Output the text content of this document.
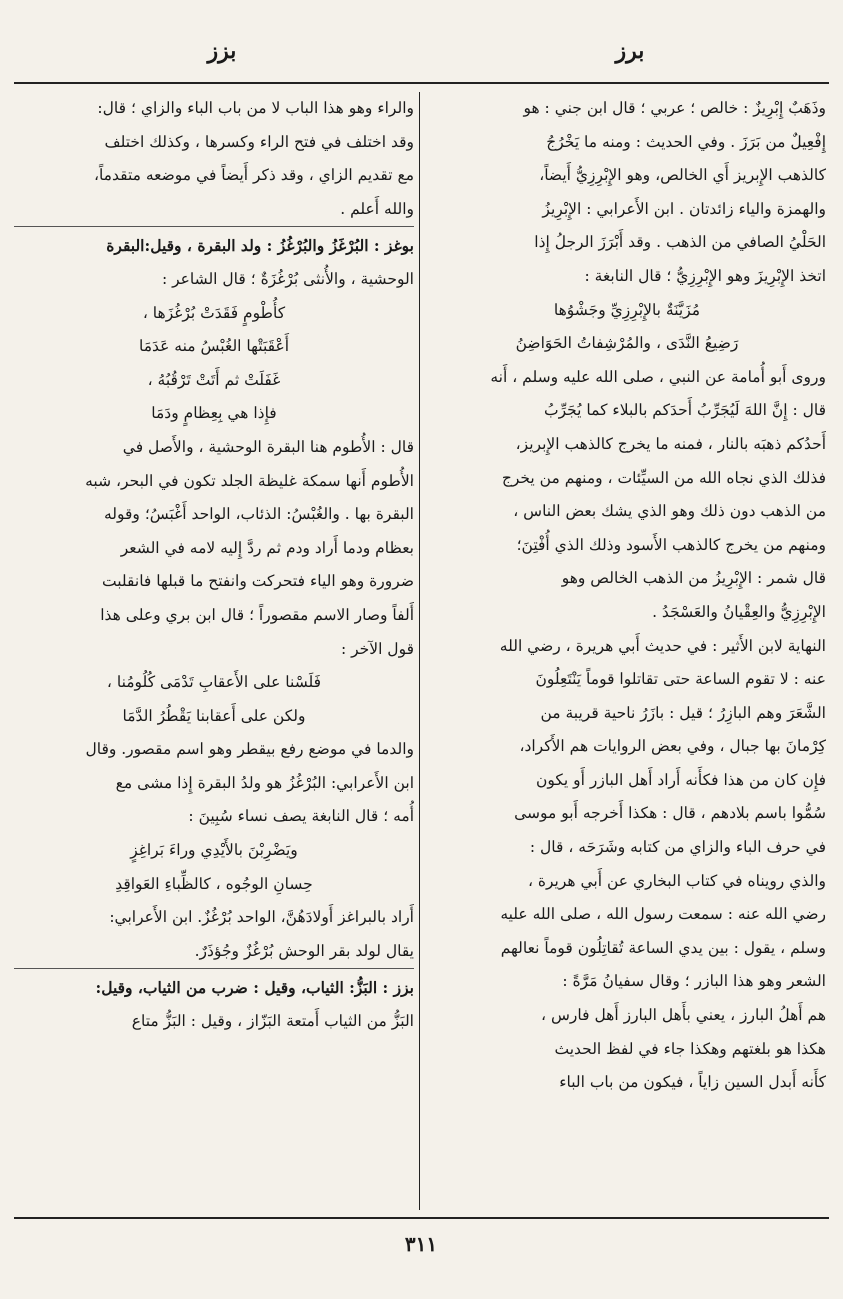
برز
بزز

وذَهَبٌ إِبْرِيزٌ : خالص ؛ عربي ؛ قال ابن جني : هو

إِفْعِيلٌ من بَرَزَ . وفي الحديث : ومنه ما يَخْرُجُ

كالذهب الإِبريز أَي الخالص، وهو الإِبْرِزِيُّ أَيضاً،

والهمزة والياء زائدتان . ابن الأَعرابي : الإِبْرِيزُ

الحَلْيُ الصافي من الذهب . وقد أَبْرَزَ الرجلُ إِذا

اتخذ الإِبْرِيزَ وهو الإِبْرِزِيُّ ؛ قال النابغة :

مُزَيَّنَةٌ بالإِبْرِزِيِّ وجَشْوُها

رَضِيعُ النَّدَى ، والمُرْشِفاتُ الحَوَاضِنُ

وروى أَبو أُمامة عن النبي ، صلى الله عليه وسلم ، أَنه

قال : إِنَّ اللهَ لَيُجَرِّبُ أَحدَكم بالبلاء كما يُجَرِّبُ

أَحدُكم ذهبَه بالنار ، فمنه ما يخرج كالذهب الإِبريز،

فذلك الذي نجاه الله من السيِّئات ، ومنهم من يخرج

من الذهب دون ذلك وهو الذي يشك بعض الناس ،

ومنهم من يخرج كالذهب الأَسود وذلك الذي أُفْتِنَ؛

قال شمر : الإِبْرِيزُ من الذهب الخالص وهو

الإِبْرِزِيُّ والعِقْيانُ والعَسْجَدُ .

النهاية لابن الأَثير : في حديث أَبي هريرة ، رضي الله

عنه : لا تقوم الساعة حتى تقاتلوا قوماً يَنْتَعِلُونَ

الشَّعَرَ وهم البازِرُ ؛ قيل : بازَرُ ناحية قريبة من

كِرْمانَ بها جبال ، وفي بعض الروايات هم الأَكراد،

فإِن كان من هذا فكأَنه أَراد أَهل البازر أَو يكون

سُمُّوا باسم بلادهم ، قال : هكذا أَخرجه أَبو موسى

في حرف الباء والزاي من كتابه وشَرَحَه ، قال :

والذي رويناه في كتاب البخاري عن أَبي هريرة ،

رضي الله عنه : سمعت رسول الله ، صلى الله عليه

وسلم ، يقول : بين يدي الساعة تُقاتِلُون قوماً نعالهم

الشعر وهو هذا البازر ؛ وقال سفيانُ مَرَّةً :

هم أَهلُ البارز ، يعني بأَهل البارز أَهل فارس ،

هكذا هو بلغتهم وهكذا جاء في لفظ الحديث

كأَنه أَبدل السين زاياً ، فيكون من باب الباء

والراء وهو هذا الباب لا من باب الباء والزاي ؛ قال:

وقد اختلف في فتح الراء وكسرها ، وكذلك اختلف

مع تقديم الزاي ، وقد ذكر أَيضاً في موضعه متقدماً،

والله أَعلم .

بوغز : البُرْغَزُ والبُرْغُزُ : ولد البقرة ، وقيل:البقرة

الوحشية ، والأُنثى بُرْغُزَةٌ ؛ قال الشاعر :

كأُطْومٍ فَقَدَتْ بُرْغُزَها ،

أَعْقَبَتْها الغُبْسُ منه عَدَمَا

غَفَلَتْ ثم أَتَتْ تَرْقُبُهُ ،

فإِذا هي بِعِظامٍ ودَمَا

قال : الأُطوم هنا البقرة الوحشية ، والأَصل في

الأُطوم أَنها سمكة غليظة الجلد تكون في البحر، شبه

البقرة بها . والغُبْسُ: الذئاب، الواحد أَغْبَسُ؛ وقوله

بعظام ودما أَراد ودم ثم ردَّ إِليه لامه في الشعر

ضرورة وهو الياء فتحركت وانفتح ما قبلها فانقلبت

أَلفاً وصار الاسم مقصوراً ؛ قال ابن بري وعلى هذا

قول الآخر :

فَلَسْنا على الأَعقابِ تَدْمَى كُلُومُنا ،

ولكن على أَعقابنا يَقْطُرُ الدَّمَا

والدما في موضع رفع بيقطر وهو اسم مقصور. وقال

ابن الأَعرابي: البُرْغُزُ هو ولدُ البقرة إِذا مشى مع

أُمه ؛ قال النابغة يصف نساء سُبِينَ :

ويَضْرِبْنَ بالأَيْدِي وراءَ بَراغِزٍ

حِسانِ الوجُوه ، كالظِّباءِ العَواقِدِ

أَراد بالبراغز أَولادَهُنَّ، الواحد بُرْغُزٌ. ابن الأَعرابي:

يقال لولد بقر الوحش بُرْغُزٌ وجُؤذَرٌ.

بزز : البَزُّ: الثياب، وقيل : ضرب من الثياب، وقيل:

البَزُّ من الثياب أَمتعة البَزّاز ، وقيل : البَزُّ متاع

٣١١
